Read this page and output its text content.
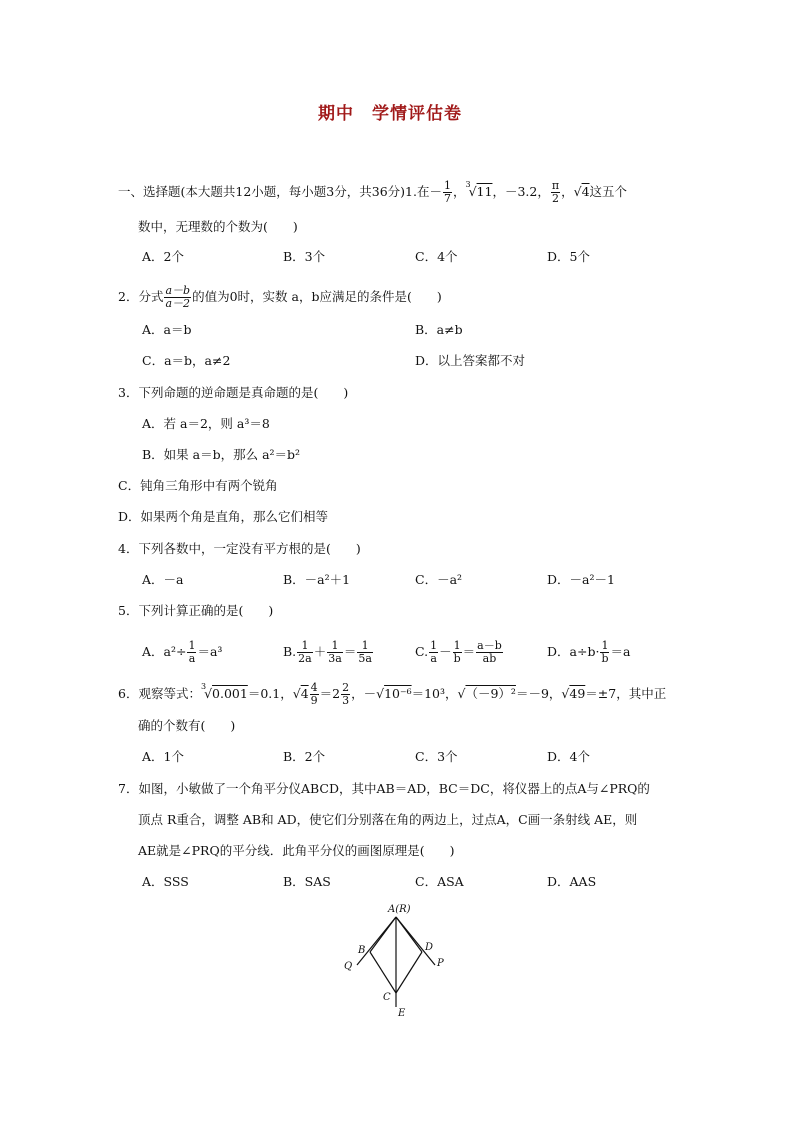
期中　学情评估卷
一、选择题(本大题共12小题，每小题3分，共36分)1.在－ $\frac{1}{7}$ ，$^3$√11，－3.2， $\frac{\pi}{2}$ ，√4这五个
数中，无理数的个数为(　　)
A．2个	B．3个	C．4个	D．5个
2．分式 $\frac{a-b}{a-2}$ 的值为0时，实数 a，b应满足的条件是(　　)
A．a＝b	B．a≠b
C．a＝b，a≠2	D．以上答案都不对
3．下列命题的逆命题是真命题的是(　　)
A．若 a＝2，则 a³＝8
B．如果 a＝b，那么 a²＝b²
C．钝角三角形中有两个锐角
D．如果两个角是直角，那么它们相等
4．下列各数中，一定没有平方根的是(　　)
A．－a	B．－a²＋1	C．－a²	D．－a²－1
5．下列计算正确的是(　　)
A．$a^2\div \frac{1}{a} =a^3$	B. $\frac{1}{2a} + \frac{1}{3a} = \frac{1}{5a}$	C. $\frac{1}{a} - \frac{1}{b} = \frac{a-b}{ab}$	D．$a\div b\cdot \frac{1}{b} =a$
6．观察等式：$^3$√0.001＝0.1，$√4 \frac{4}{9} =2 \frac{2}{3}$ ，－√10⁻⁶＝10³，√（－9）²＝－9，√49＝±7，其中正
确的个数有(　　)
A．1个	B．2个	C．3个	D．4个
7．如图，小敏做了一个角平分仪ABCD，其中AB＝AD，BC＝DC，将仪器上的点A与∠PRQ的
顶点 R重合，调整 AB和 AD，使它们分别落在角的两边上，过点A，C画一条射线 AE，则
AE就是∠PRQ的平分线．此角平分仪的画图原理是(　　)
A．SSS	B．SAS	C．ASA	D．AAS
A(R)
B	D
Q	P
C
E
